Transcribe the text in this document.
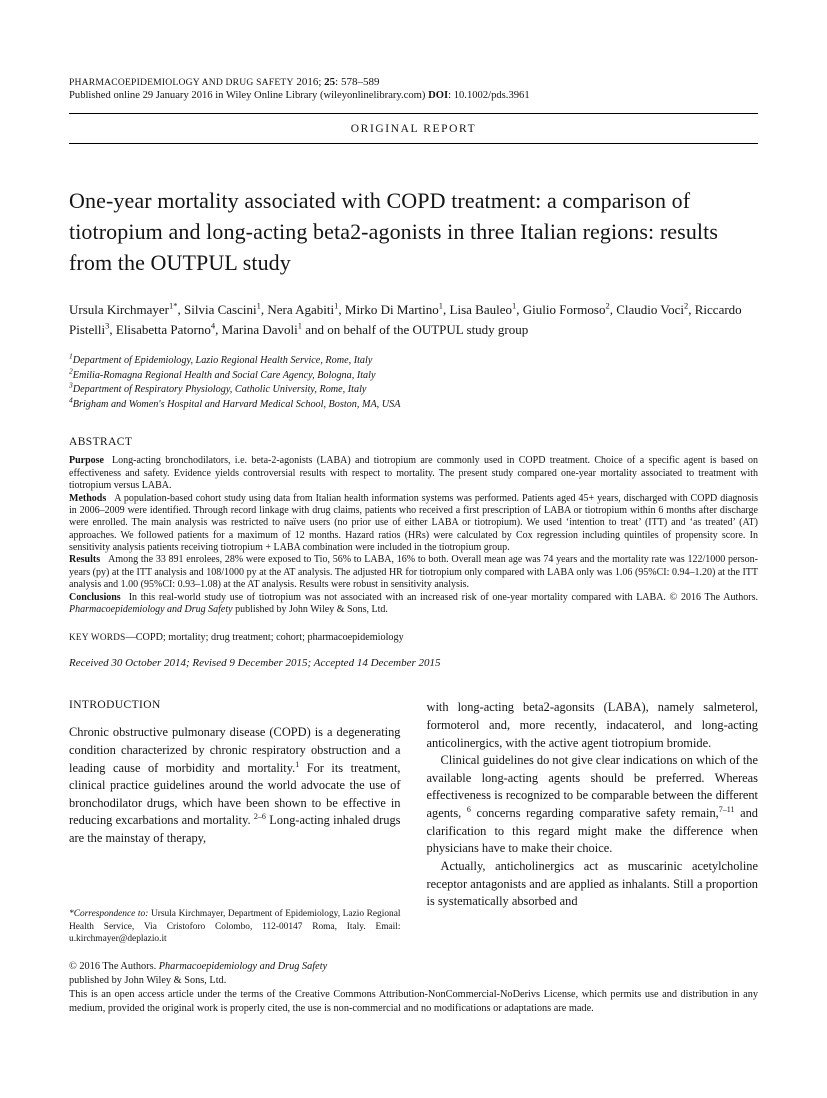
PHARMACOEPIDEMIOLOGY AND DRUG SAFETY 2016; 25: 578–589
Published online 29 January 2016 in Wiley Online Library (wileyonlinelibrary.com) DOI: 10.1002/pds.3961
ORIGINAL REPORT
One-year mortality associated with COPD treatment: a comparison of tiotropium and long-acting beta2-agonists in three Italian regions: results from the OUTPUL study

Ursula Kirchmayer$^{1*}$, Silvia Cascini$^1$, Nera Agabiti$^1$, Mirko Di Martino$^1$, Lisa Bauleo$^1$, Giulio Formoso$^2$, Claudio Voci$^2$, Riccardo Pistelli$^3$, Elisabetta Patorno$^4$, Marina Davoli$^1$ and on behalf of the OUTPUL study group

$^1$Department of Epidemiology, Lazio Regional Health Service, Rome, Italy
$^2$Emilia-Romagna Regional Health and Social Care Agency, Bologna, Italy
$^3$Department of Respiratory Physiology, Catholic University, Rome, Italy
$^4$Brigham and Women's Hospital and Harvard Medical School, Boston, MA, USA
ABSTRACT

Purpose Long-acting bronchodilators, i.e. beta-2-agonists (LABA) and tiotropium are commonly used in COPD treatment. Choice of a specific agent is based on effectiveness and safety. Evidence yields controversial results with respect to mortality. The present study compared one-year mortality associated to treatment with tiotropium versus LABA.

Methods A population-based cohort study using data from Italian health information systems was performed. Patients aged 45+ years, discharged with COPD diagnosis in 2006–2009 were identified. Through record linkage with drug claims, patients who received a first prescription of LABA or tiotropium within 6 months after discharge were enrolled. The main analysis was restricted to naïve users (no prior use of either LABA or tiotropium). We used ‘intention to treat’ (ITT) and ‘as treated’ (AT) approaches. We followed patients for a maximum of 12 months. Hazard ratios (HRs) were calculated by Cox regression including quintiles of propensity score. In sensitivity analysis patients receiving tiotropium + LABA combination were included in the tiotropium group.

Results Among the 33 891 enrolees, 28% were exposed to Tio, 56% to LABA, 16% to both. Overall mean age was 74 years and the mortality rate was 122/1000 person-years (py) at the ITT analysis and 108/1000 py at the AT analysis. The adjusted HR for tiotropium only compared with LABA only was 1.06 (95%CI: 0.94–1.20) at the ITT analysis and 1.00 (95%CI: 0.93–1.08) at the AT analysis. Results were robust in sensitivity analysis.

Conclusions In this real-world study use of tiotropium was not associated with an increased risk of one-year mortality compared with LABA. © 2016 The Authors. Pharmacoepidemiology and Drug Safety published by John Wiley & Sons, Ltd.

KEY WORDS—COPD; mortality; drug treatment; cohort; pharmacoepidemiology

Received 30 October 2014; Revised 9 December 2015; Accepted 14 December 2015

INTRODUCTION

Chronic obstructive pulmonary disease (COPD) is a degenerating condition characterized by chronic respiratory obstruction and a leading cause of morbidity and mortality.$^1$ For its treatment, clinical practice guidelines around the world advocate the use of bronchodilator drugs, which have been shown to be effective in reducing excarbations and mortality. $^{2-6}$ Long-acting inhaled drugs are the mainstay of therapy,

*Correspondence to: Ursula Kirchmayer, Department of Epidemiology, Lazio Regional Health Service, Via Cristoforo Colombo, 112-00147 Roma, Italy. Email: u.kirchmayer@deplazio.it

with long-acting beta2-agonsits (LABA), namely salmeterol, formoterol and, more recently, indacaterol, and long-acting anticolinergics, with the active agent tiotropium bromide.

Clinical guidelines do not give clear indications on which of the available long-acting agents should be preferred. Whereas effectiveness is recognized to be comparable between the different agents, $^6$ concerns regarding comparative safety remain,$^{7-11}$ and clarification to this regard might make the difference when physicians have to make their choice.

Actually, anticholinergics act as muscarinic acetylcholine receptor antagonists and are applied as inhalants. Still a proportion is systematically absorbed and

© 2016 The Authors. Pharmacoepidemiology and Drug Safety

published by John Wiley & Sons, Ltd.

This is an open access article under the terms of the Creative Commons Attribution-NonCommercial-NoDerivs License, which permits use and distribution in any medium, provided the original work is properly cited, the use is non-commercial and no modifications or adaptations are made.
